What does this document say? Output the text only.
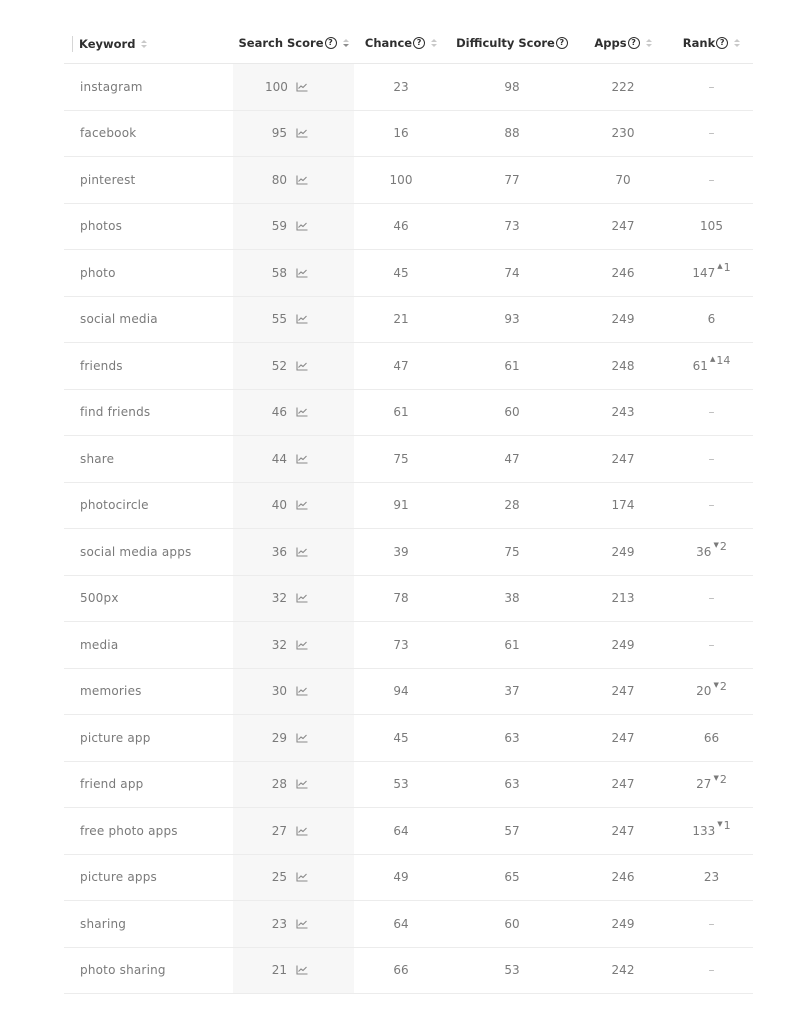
Keyword	Search Score ?	Chance ?	Difficulty Score ?	Apps ?	Rank ?
instagram	100	23	98	222	–
facebook	95	16	88	230	–
pinterest	80	100	77	70	–
photos	59	46	73	247	105
photo	58	45	74	246	147 ▲ 1
social media	55	21	93	249	6
friends	52	47	61	248	61 ▲ 14
find friends	46	61	60	243	–
share	44	75	47	247	–
photocircle	40	91	28	174	–
social media apps	36	39	75	249	36 ▼ 2
500px	32	78	38	213	–
media	32	73	61	249	–
memories	30	94	37	247	20 ▼ 2
picture app	29	45	63	247	66
friend app	28	53	63	247	27 ▼ 2
free photo apps	27	64	57	247	133 ▼ 1
picture apps	25	49	65	246	23
sharing	23	64	60	249	–
photo sharing	21	66	53	242	–
